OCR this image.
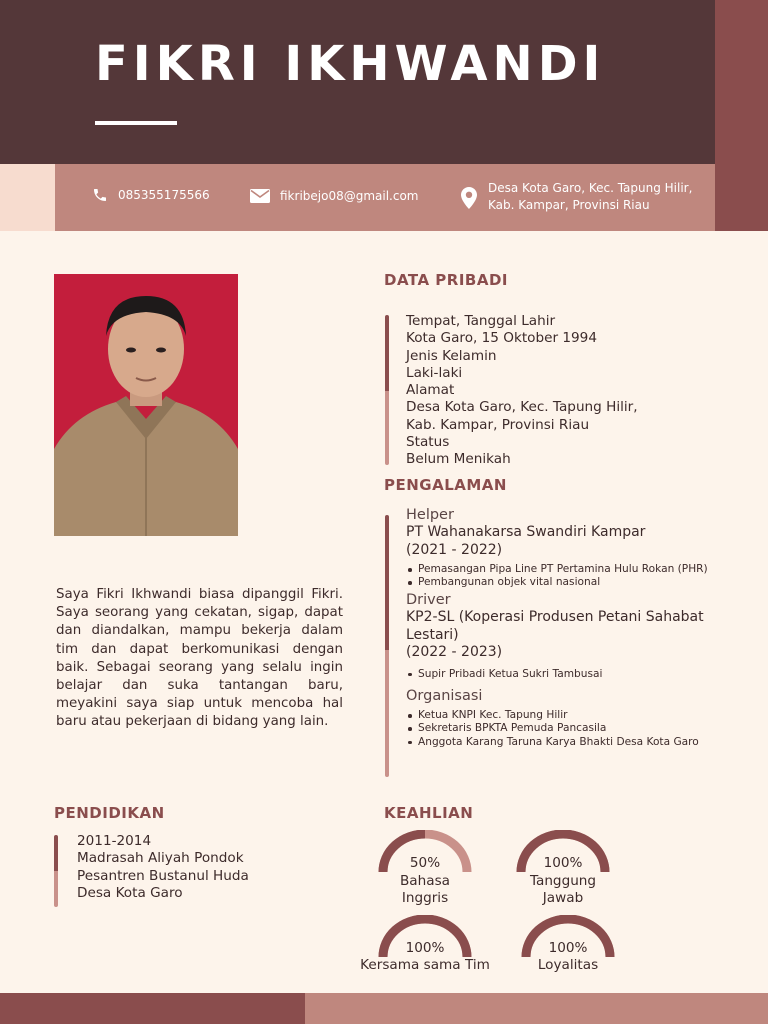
FIKRI IKHWANDI
085355175566	fikribejo08@gmail.com
Desa Kota Garo, Kec. Tapung Hilir,
Kab. Kampar, Provinsi Riau

Saya Fikri Ikhwandi biasa dipanggil Fikri. Saya seorang yang cekatan, sigap, dapat dan diandalkan, mampu bekerja dalam tim dan dapat berkomunikasi dengan baik. Sebagai seorang yang selalu ingin belajar dan suka tantangan baru, meyakini saya siap untuk mencoba hal baru atau pekerjaan di bidang yang lain.

DATA PRIBADI
Tempat, Tanggal Lahir
Kota Garo, 15 Oktober 1994
Jenis Kelamin
Laki-laki
Alamat
Desa Kota Garo, Kec. Tapung Hilir,
Kab. Kampar, Provinsi Riau
Status
Belum Menikah
PENGALAMAN
Helper
PT Wahanakarsa Swandiri Kampar
(2021 - 2022)
Pemasangan Pipa Line PT Pertamina Hulu Rokan (PHR)
Pembangunan objek vital nasional
Driver
KP2-SL (Koperasi Produsen Petani Sahabat Lestari)
(2022 - 2023)
Supir Pribadi Ketua Sukri Tambusai
Organisasi
Ketua KNPI Kec. Tapung Hilir
Sekretaris BPKTA Pemuda Pancasila
Anggota Karang Taruna Karya Bhakti Desa Kota Garo
PENDIDIKAN
2011-2014
Madrasah Aliyah Pondok
Pesantren Bustanul Huda
Desa Kota Garo
KEAHLIAN
50%
Bahasa
Inggris
100%
Tanggung
Jawab
100%
Kersama sama Tim
100%
Loyalitas
